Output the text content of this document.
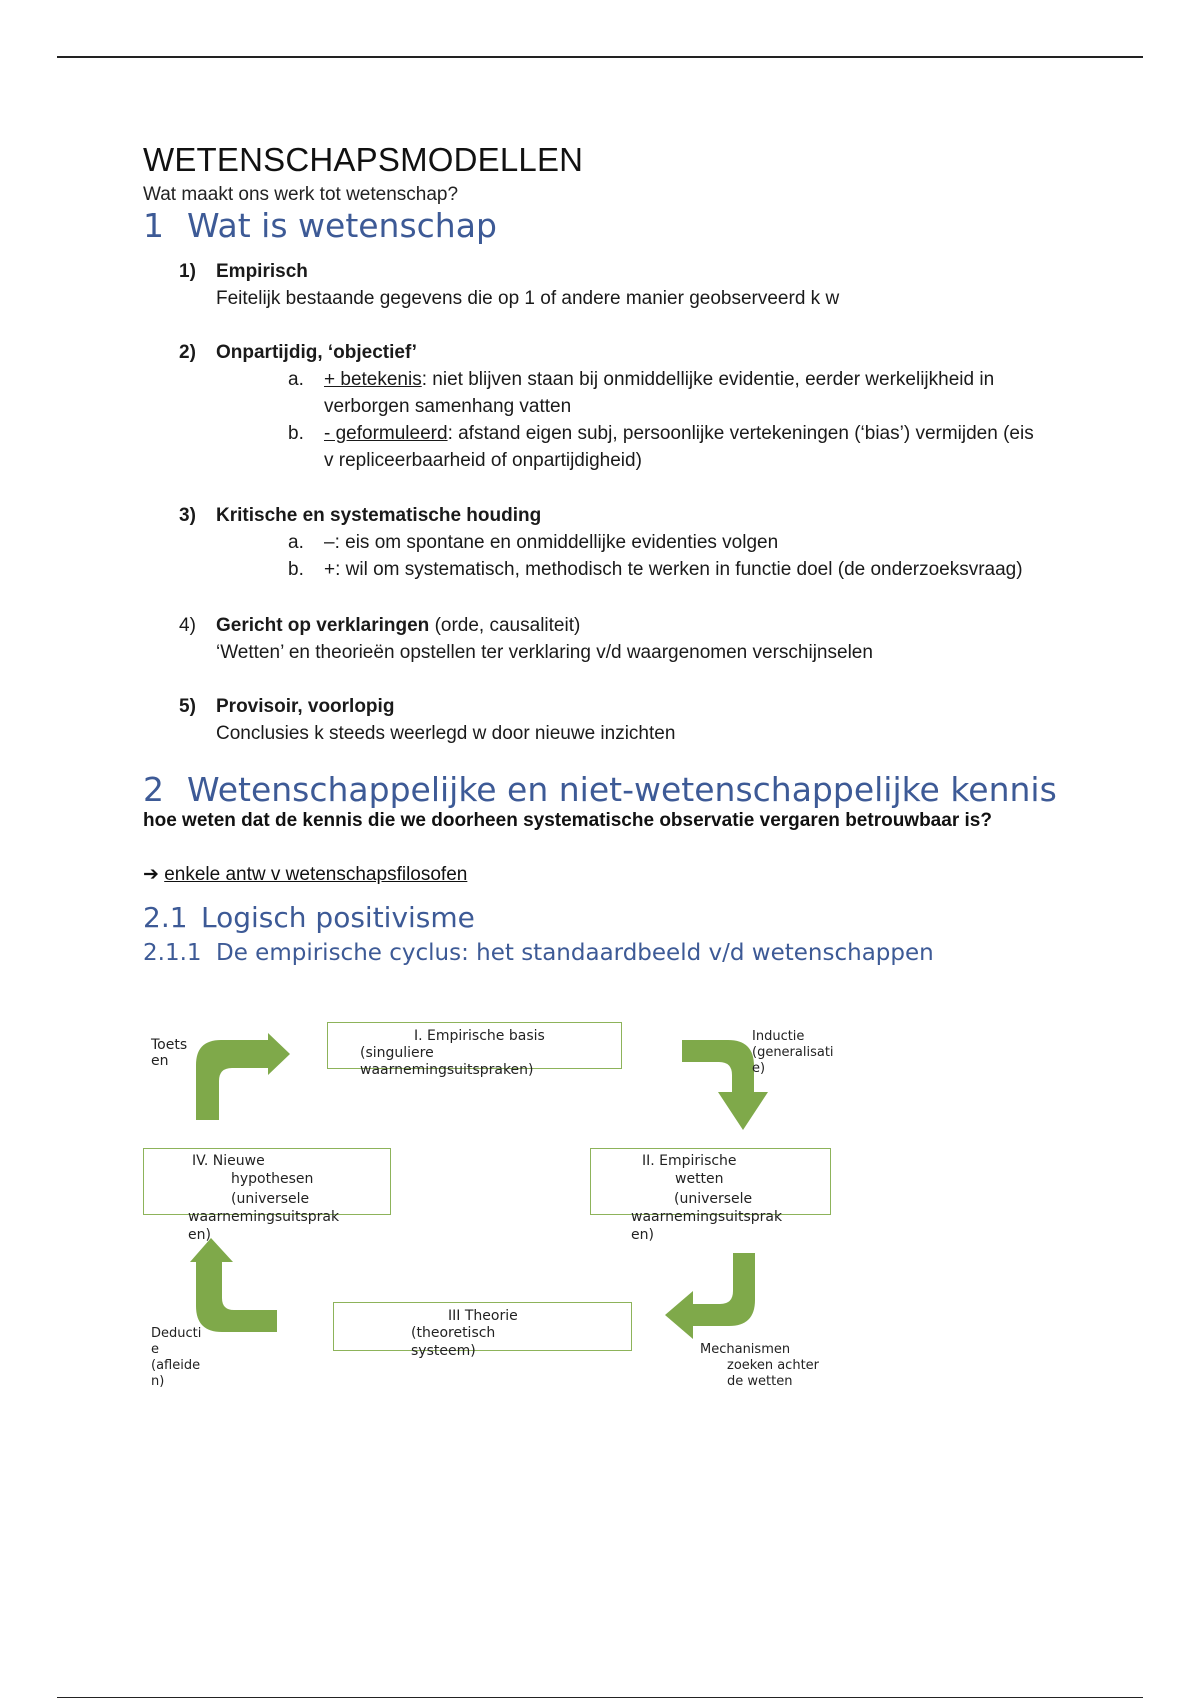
WETENSCHAPSMODELLEN
Wat maakt ons werk tot wetenschap?
1 Wat is wetenschap
1) Empirisch
Feitelijk bestaande gegevens die op 1 of andere manier geobserveerd k w
2) Onpartijdig, ‘objectief’
a. + betekenis: niet blijven staan bij onmiddellijke evidentie, eerder werkelijkheid in verborgen samenhang vatten
b. - geformuleerd: afstand eigen subj, persoonlijke vertekeningen (‘bias’) vermijden (eis v repliceerbaarheid of onpartijdigheid)
3) Kritische en systematische houding
a. –: eis om spontane en onmiddellijke evidenties volgen
b. +: wil om systematisch, methodisch te werken in functie doel (de onderzoeksvraag)
4) Gericht op verklaringen (orde, causaliteit)
‘Wetten’ en theorieën opstellen ter verklaring v/d waargenomen verschijnselen
5) Provisoir, voorlopig
Conclusies k steeds weerlegd w door nieuwe inzichten
2 Wetenschappelijke en niet-wetenschappelijke kennis
hoe weten dat de kennis die we doorheen systematische observatie vergaren betrouwbaar is?
➔ enkele antw v wetenschapsfilosofen
2.1 Logisch positivisme
2.1.1 De empirische cyclus: het standaardbeeld v/d wetenschappen
I. Empirische basis
(singuliere waarnemingsuitspraken)
II. Empirische
wetten
(universele
waarnemingsuitsprak
en)
III Theorie
(theoretisch
systeem)
IV. Nieuwe
hypothesen
(universele
waarnemingsuitsprak
en)
Toets
en
Inductie
(generalisati
e)
Mechanismen
zoeken achter
de wetten
Deducti
e
(afleide
n)
